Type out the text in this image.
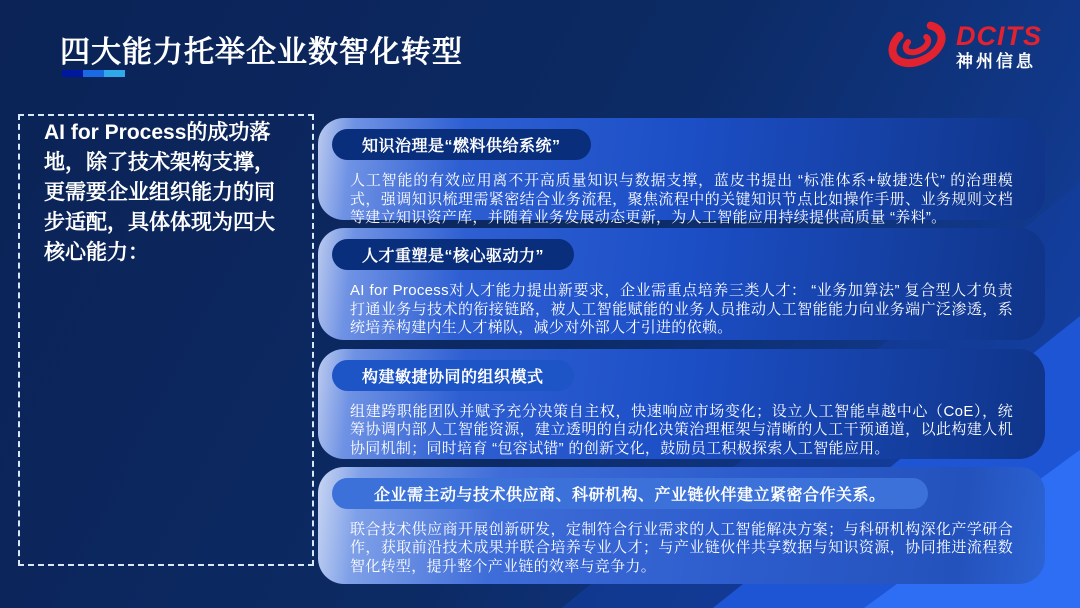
四大能力托举企业数智化转型	DCITS
神州信息
AI for Process的成功落地，除了技术架构支撑，更需要企业组织能力的同步适配，具体体现为四大核心能力：
知识治理是“燃料供给系统”
人工智能的有效应用离不开高质量知识与数据支撑，蓝皮书提出 “标准体系+敏捷迭代” 的治理模式，强调知识梳理需紧密结合业务流程，聚焦流程中的关键知识节点比如操作手册、业务规则文档等建立知识资产库，并随着业务发展动态更新，为人工智能应用持续提供高质量 “养料”。
人才重塑是“核心驱动力”
AI for Process对人才能力提出新要求，企业需重点培养三类人才： “业务加算法” 复合型人才负责打通业务与技术的衔接链路，被人工智能赋能的业务人员推动人工智能能力向业务端广泛渗透，系统培养构建内生人才梯队，减少对外部人才引进的依赖。
构建敏捷协同的组织模式
组建跨职能团队并赋予充分决策自主权，快速响应市场变化；设立人工智能卓越中心（CoE），统筹协调内部人工智能资源，建立透明的自动化决策治理框架与清晰的人工干预通道，以此构建人机协同机制；同时培育 “包容试错” 的创新文化，鼓励员工积极探索人工智能应用。
企业需主动与技术供应商、科研机构、产业链伙伴建立紧密合作关系。
联合技术供应商开展创新研发，定制符合行业需求的人工智能解决方案；与科研机构深化产学研合作，获取前沿技术成果并联合培养专业人才；与产业链伙伴共享数据与知识资源，协同推进流程数智化转型，提升整个产业链的效率与竞争力。
